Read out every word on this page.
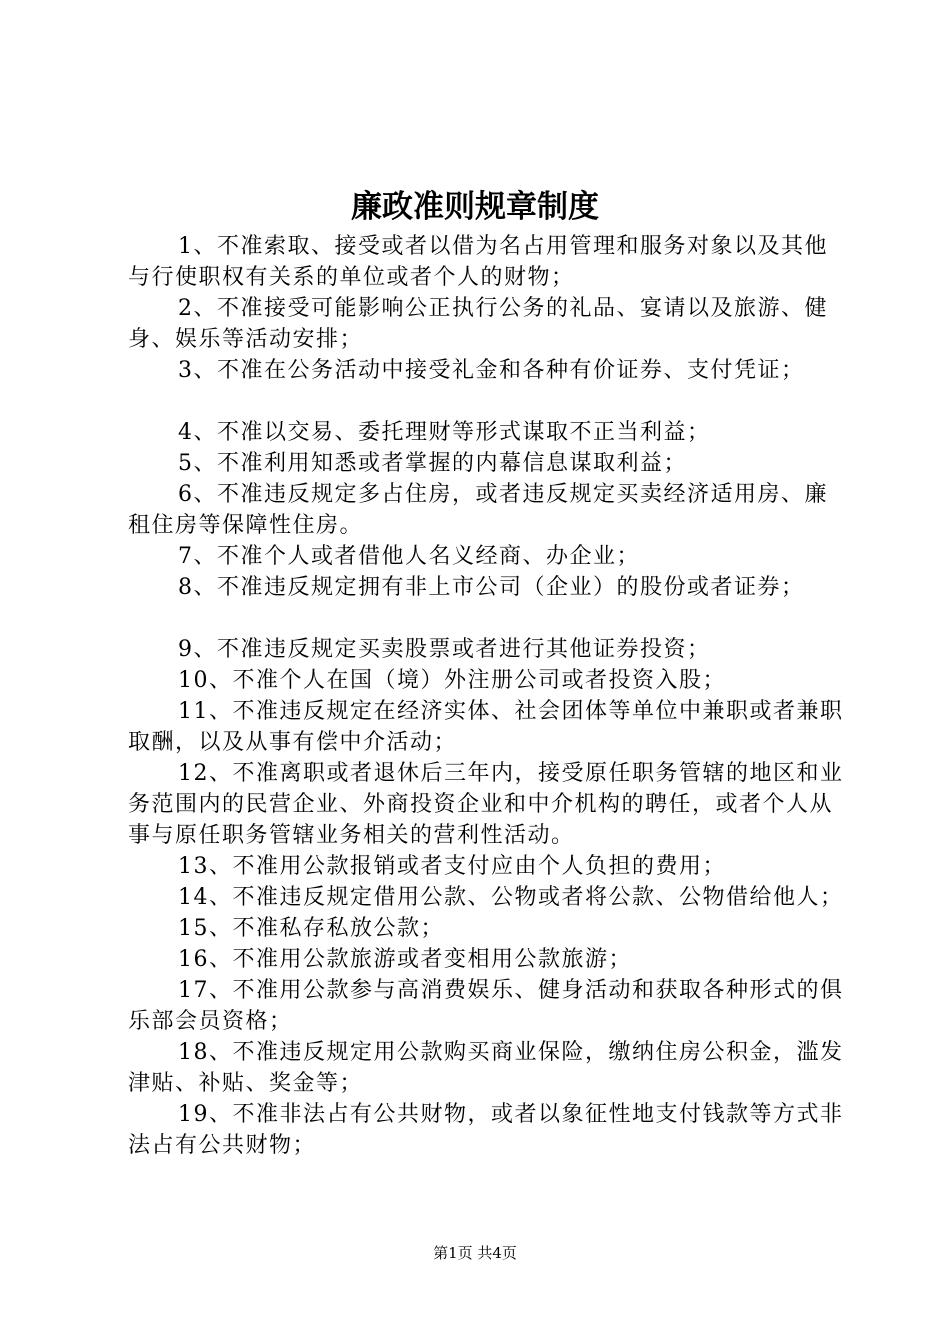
廉政准则规章制度

1、不准索取、接受或者以借为名占用管理和服务对象以及其他与行使职权有关系的单位或者个人的财物；

2、不准接受可能影响公正执行公务的礼品、宴请以及旅游、健身、娱乐等活动安排；

3、不准在公务活动中接受礼金和各种有价证券、支付凭证；

4、不准以交易、委托理财等形式谋取不正当利益；

5、不准利用知悉或者掌握的内幕信息谋取利益；

6、不准违反规定多占住房，或者违反规定买卖经济适用房、廉租住房等保障性住房。

7、不准个人或者借他人名义经商、办企业；

8、不准违反规定拥有非上市公司（企业）的股份或者证券；

9、不准违反规定买卖股票或者进行其他证券投资；

10、不准个人在国（境）外注册公司或者投资入股；

11、不准违反规定在经济实体、社会团体等单位中兼职或者兼职取酬，以及从事有偿中介活动；

12、不准离职或者退休后三年内，接受原任职务管辖的地区和业务范围内的民营企业、外商投资企业和中介机构的聘任，或者个人从事与原任职务管辖业务相关的营利性活动。

13、不准用公款报销或者支付应由个人负担的费用；

14、不准违反规定借用公款、公物或者将公款、公物借给他人；

15、不准私存私放公款；

16、不准用公款旅游或者变相用公款旅游；

17、不准用公款参与高消费娱乐、健身活动和获取各种形式的俱乐部会员资格；

18、不准违反规定用公款购买商业保险，缴纳住房公积金，滥发津贴、补贴、奖金等；

19、不准非法占有公共财物，或者以象征性地支付钱款等方式非法占有公共财物；

第1页 共4页
